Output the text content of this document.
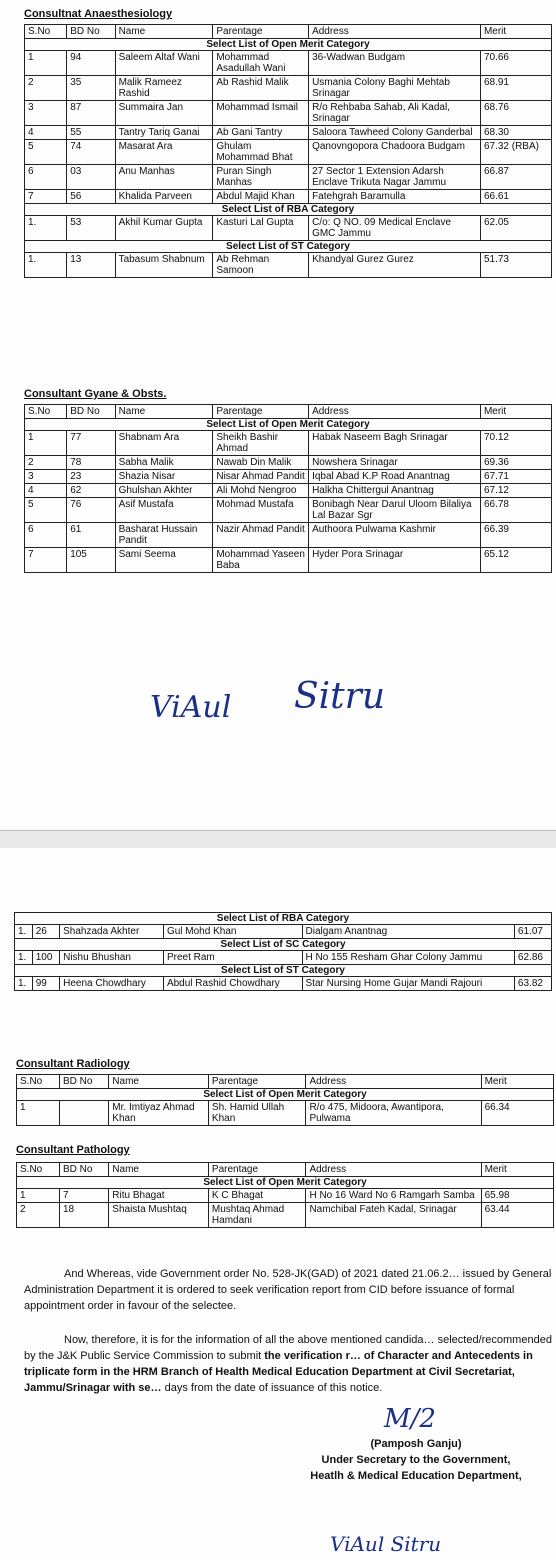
Consultnat Anaesthesiology
S.No	BD No	Name	Parentage	Address	Merit
Select List of Open Merit Category					
1	94	Saleem Altaf Wani	Mohammad Asadullah Wani	36-Wadwan Budgam	70.66
2	35	Malik Rameez Rashid	Ab Rashid Malik	Usmania Colony Baghi Mehtab Srinagar	68.91
3	87	Summaira Jan	Mohammad Ismail	R/o Rehbaba Sahab, Ali Kadal, Srinagar	68.76
4	55	Tantry Tariq Ganai	Ab Gani Tantry	Saloora Tawheed Colony Ganderbal	68.30
5	74	Masarat Ara	Ghulam Mohammad Bhat	Qanovngopora Chadoora Budgam	67.32 (RBA)
6	03	Anu Manhas	Puran Singh Manhas	27 Sector 1 Extension Adarsh Enclave Trikuta Nagar Jammu	66.87
7	56	Khalida Parveen	Abdul Majid Khan	Fatehgrah Baramulla	66.61
Select List of RBA Category					
1.	53	Akhil Kumar Gupta	Kasturi Lal Gupta	C/o: Q NO. 09 Medical Enclave GMC Jammu	62.05
Select List of ST Category					
1.	13	Tabasum Shabnum	Ab Rehman Samoon	Khandyal Gurez Gurez	51.73
Consultant Gyane & Obsts.
S.No	BD No	Name	Parentage	Address	Merit
Select List of Open Merit Category					
1	77	Shabnam Ara	Sheikh Bashir Ahmad	Habak Naseem Bagh Srinagar	70.12
2	78	Sabha Malik	Nawab Din Malik	Nowshera Srinagar	69.36
3	23	Shazia Nisar	Nisar Ahmad Pandit	Iqbal Abad K.P Road Anantnag	67.71
4	62	Ghulshan Akhter	Ali Mohd Nengroo	Halkha Chittergul Anantnag	67.12
5	76	Asif Mustafa	Mohmad Mustafa	Bonibagh Near Darul Uloom Bilaliya Lal Bazar Sgr	66.78
6	61	Basharat Hussain Pandit	Nazir Ahmad Pandit	Authoora Pulwama Kashmir	66.39
7	105	Sami Seema	Mohammad Yaseen Baba	Hyder Pora Srinagar	65.12
ViAul Sitru
Select List of RBA Category					
1.	26	Shahzada Akhter	Gul Mohd Khan	Dialgam Anantnag	61.07
Select List of SC Category					
1.	100	Nishu Bhushan	Preet Ram	H No 155 Resham Ghar Colony Jammu	62.86
Select List of ST Category					
1.	99	Heena Chowdhary	Abdul Rashid Chowdhary	Star Nursing Home Gujar Mandi Rajouri	63.82
Consultant Radiology
S.No	BD No	Name	Parentage	Address	Merit
Select List of Open Merit Category					
1		Mr. Imtiyaz Ahmad Khan	Sh. Hamid Ullah Khan	R/o 475, Midoora, Awantipora, Pulwama	66.34
Consultant Pathology
S.No	BD No	Name	Parentage	Address	Merit
Select List of Open Merit Category					
1	7	Ritu Bhagat	K C Bhagat	H No 16 Ward No 6 Ramgarh Samba	65.98
2	18	Shaista Mushtaq	Mushtaq Ahmad Hamdani	Namchibal Fateh Kadal, Srinagar	63.44

And Whereas, vide Government order No. 528-JK(GAD) of 2021 dated 21.06.2… issued by General Administration Department it is ordered to seek verification report from CID before issuance of formal appointment order in favour of the selectee.

Now, therefore, it is for the information of all the above mentioned candida… selected/recommended by the J&K Public Service Commission to submit the verification r… of Character and Antecedents in triplicate form in the HRM Branch of Health Medical Education Department at Civil Secretariat, Jammu/Srinagar with se… days from the date of issuance of this notice.

M/2
(Pamposh Ganju)
Under Secretary to the Government,
Heatlh & Medical Education Department,
ViAul Sitru
